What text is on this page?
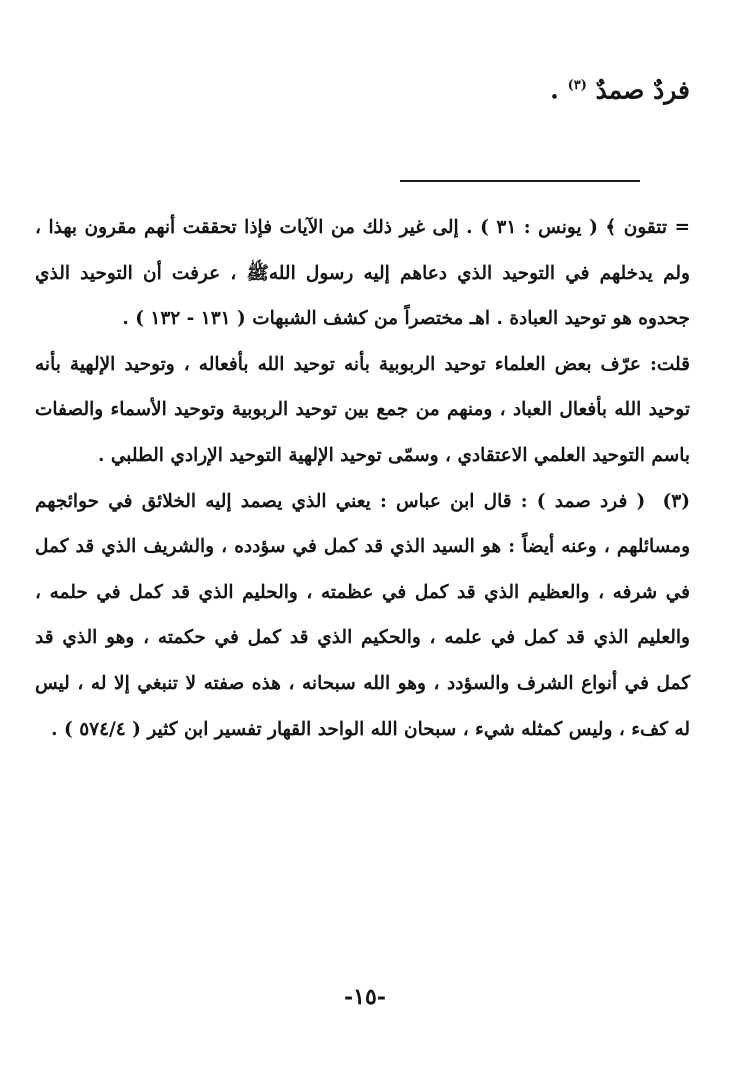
فردٌ صمدٌ $^{(٣)}$ .

= تتقون ﴾ ( يونس : ٣١ ) . إلى غير ذلك من الآيات فإذا تحققت أنهم مقرون بهذا ، ولم يدخلهم في التوحيد الذي دعاهم إليه رسول اللهﷺ ، عرفت أن التوحيد الذي جحدوه هو توحيد العبادة . اهـ مختصراً من كشف الشبهات ( ١٣١ - ١٣٢ ) .

قلت: عرّف بعض العلماء توحيد الربوبية بأنه توحيد الله بأفعاله ، وتوحيد الإلهية بأنه توحيد الله بأفعال العباد ، ومنهم من جمع بين توحيد الربوبية وتوحيد الأسماء والصفات باسم التوحيد العلمي الاعتقادي ، وسمّى توحيد الإلهية التوحيد الإرادي الطلبي .

(٣) ( فرد صمد ) : قال ابن عباس : يعني الذي يصمد إليه الخلائق في حوائجهم ومسائلهم ، وعنه أيضاً : هو السيد الذي قد كمل في سؤدده ، والشريف الذي قد كمل في شرفه ، والعظيم الذي قد كمل في عظمته ، والحليم الذي قد كمل في حلمه ، والعليم الذي قد كمل في علمه ، والحكيم الذي قد كمل في حكمته ، وهو الذي قد كمل في أنواع الشرف والسؤدد ، وهو الله سبحانه ، هذه صفته لا تنبغي إلا له ، ليس له كفء ، وليس كمثله شيء ، سبحان الله الواحد القهار تفسير ابن كثير ( ٥٧٤/٤ ) .

-١٥-
